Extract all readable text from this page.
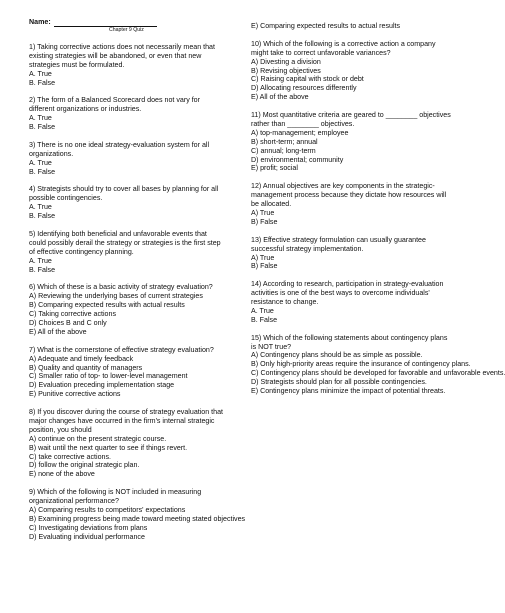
Name:
Chapter 9 Quiz

1) Taking corrective actions does not necessarily mean that existing strategies will be abandoned, or even that new strategies must be formulated.

A. True

B. False

2) The form of a Balanced Scorecard does not vary for different organizations or industries.

A. True

B. False

3) There is no one ideal strategy-evaluation system for all organizations.

A. True

B. False

4) Strategists should try to cover all bases by planning for all possible contingencies.

A. True

B. False

5) Identifying both beneficial and unfavorable events that could possibly derail the strategy or strategies is the first step of effective contingency planning.

A. True

B. False

6) Which of these is a basic activity of strategy evaluation?

A) Reviewing the underlying bases of current strategies

B) Comparing expected results with actual results

C) Taking corrective actions

D) Choices B and C only

E) All of the above

7) What is the cornerstone of effective strategy evaluation?

A) Adequate and timely feedback

B) Quality and quantity of managers

C) Smaller ratio of top- to lower-level management

D) Evaluation preceding implementation stage

E) Punitive corrective actions

8) If you discover during the course of strategy evaluation that major changes have occurred in the firm's internal strategic position, you should

A) continue on the present strategic course.

B) wait until the next quarter to see if things revert.

C) take corrective actions.

D) follow the original strategic plan.

E) none of the above

9) Which of the following is NOT included in measuring organizational performance?

A) Comparing results to competitors' expectations

B) Examining progress being made toward meeting stated objectives

C) Investigating deviations from plans

D) Evaluating individual performance

E) Comparing expected results to actual results

10) Which of the following is a corrective action a company might take to correct unfavorable variances?

A) Divesting a division

B) Revising objectives

C) Raising capital with stock or debt

D) Allocating resources differently

E) All of the above

11) Most quantitative criteria are geared to ________ objectives rather than ________ objectives.

A) top-management; employee

B) short-term; annual

C) annual; long-term

D) environmental; community

E) profit; social

12) Annual objectives are key components in the strategic-management process because they dictate how resources will be allocated.

A) True

B) False

13) Effective strategy formulation can usually guarantee successful strategy implementation.

A) True

B) False

14) According to research, participation in strategy-evaluation activities is one of the best ways to overcome individuals' resistance to change.

A. True

B. False

15) Which of the following statements about contingency plans is NOT true?

A) Contingency plans should be as simple as possible.

B) Only high-priority areas require the insurance of contingency plans.

C) Contingency plans should be developed for favorable and unfavorable events.

D) Strategists should plan for all possible contingencies.

E) Contingency plans minimize the impact of potential threats.
